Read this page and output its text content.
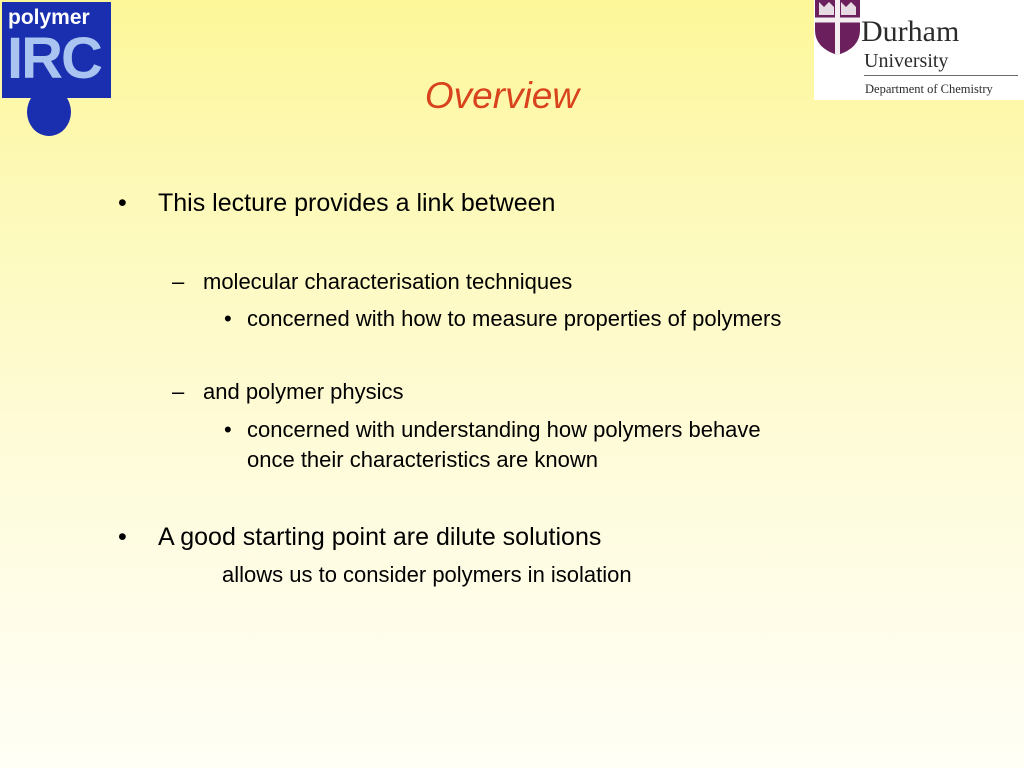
polymer
IRC	Durham
University
Department of Chemistry
Overview
• This lecture provides a link between
– molecular characterisation techniques
• concerned with how to measure properties of polymers
– and polymer physics
• concerned with understanding how polymers behave
once their characteristics are known
• A good starting point are dilute solutions
allows us to consider polymers in isolation
